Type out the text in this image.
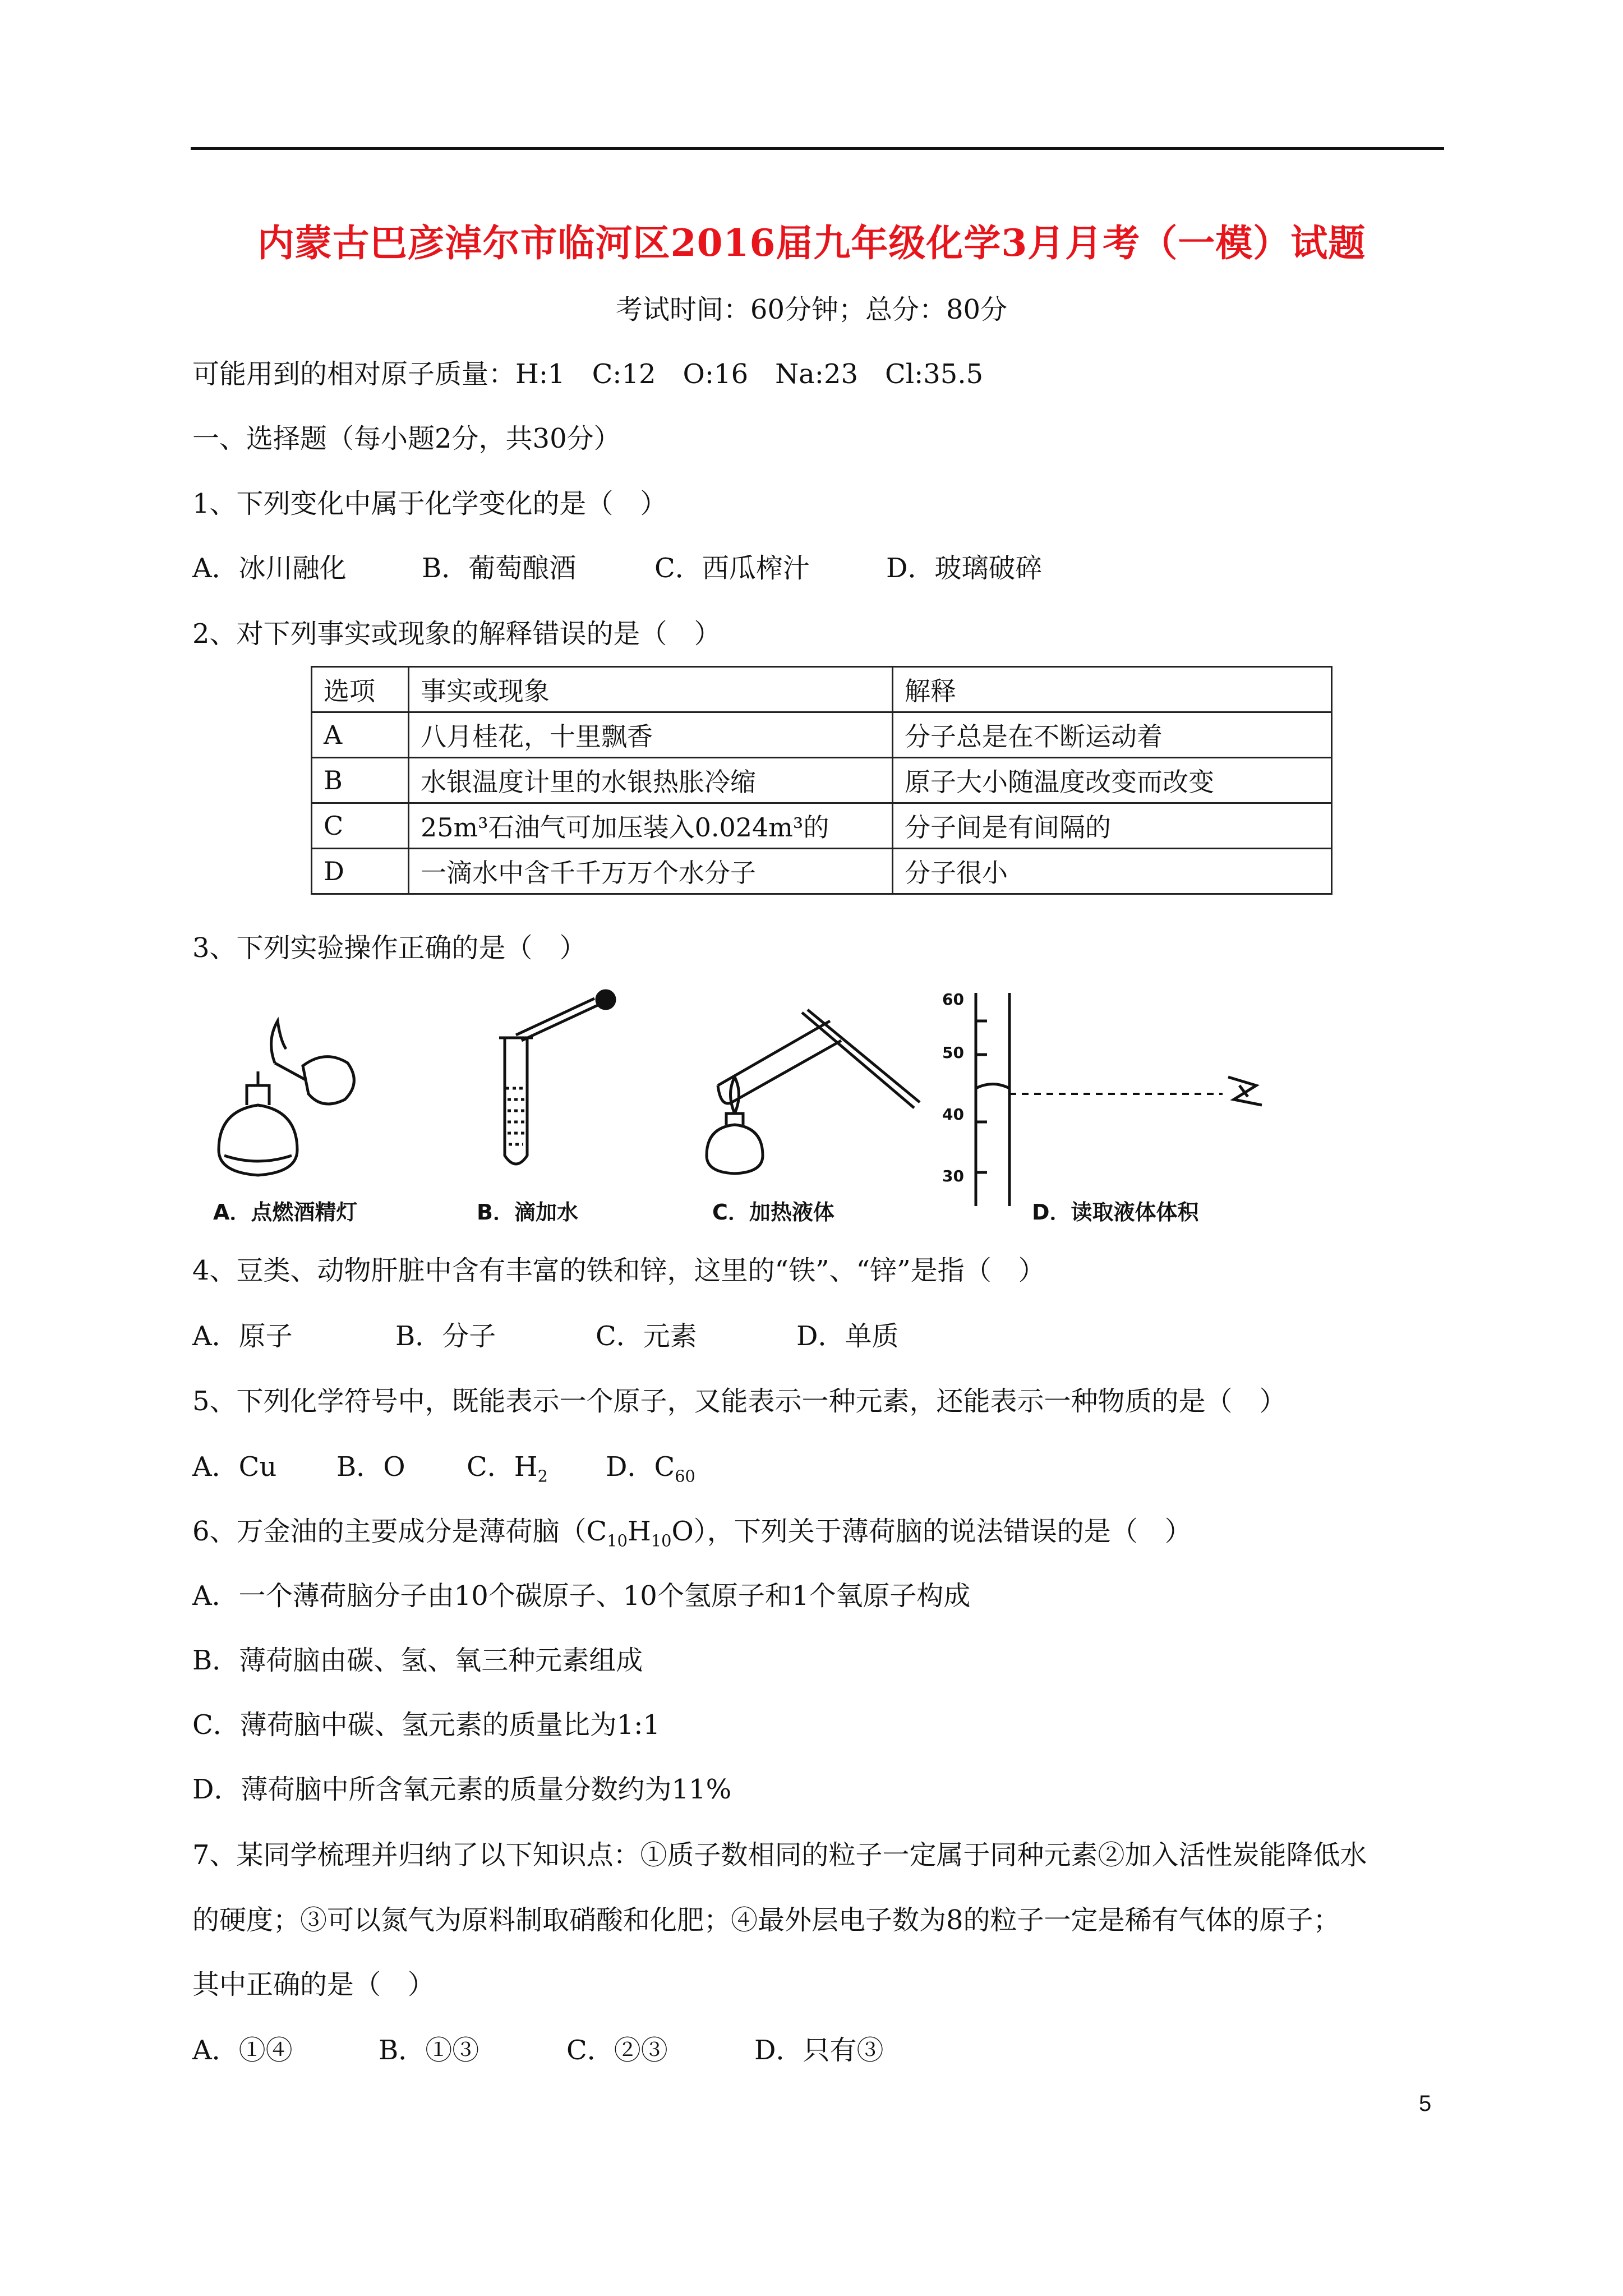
内蒙古巴彦淖尔市临河区2016届九年级化学3月月考（一模）试题
考试时间：60分钟；总分：80分
可能用到的相对原子质量：H:1　C:12　O:16　Na:23　Cl:35.5
一、选择题（每小题2分，共30分）
1、下列变化中属于化学变化的是（　）
A．冰川融化	B．葡萄酿酒	C．西瓜榨汁	D．玻璃破碎
2、对下列事实或现象的解释错误的是（　）
选项	事实或现象	解释
A	八月桂花，十里飘香	分子总是在不断运动着
B	水银温度计里的水银热胀冷缩	原子大小随温度改变而改变
C	25m³石油气可加压装入0.024m³的	分子间是有间隔的
D	一滴水中含千千万万个水分子	分子很小
3、下列实验操作正确的是（　）
A．点燃酒精灯	B．滴加水	C．加热液体	D．读取液体体积
60
50
40
30
4、豆类、动物肝脏中含有丰富的铁和锌，这里的“铁”、“锌”是指（　）
A．原子	B．分子	C．元素	D．单质
5、下列化学符号中，既能表示一个原子，又能表示一种元素，还能表示一种物质的是（　）
A．Cu B．O C．$H_2$ D．$C_{60}$
6、万金油的主要成分是薄荷脑$(C_{10}H_{10}O)$，下列关于薄荷脑的说法错误的是（　）
A．一个薄荷脑分子由10个碳原子、10个氢原子和1个氧原子构成
B．薄荷脑由碳、氢、氧三种元素组成
C．薄荷脑中碳、氢元素的质量比为1:1
D．薄荷脑中所含氧元素的质量分数约为11%
7、某同学梳理并归纳了以下知识点：①质子数相同的粒子一定属于同种元素②加入活性炭能降低水
的硬度；③可以氮气为原料制取硝酸和化肥；④最外层电子数为8的粒子一定是稀有气体的原子；
其中正确的是（　）
A．①④	B．①③	C．②③	D．只有③
5
